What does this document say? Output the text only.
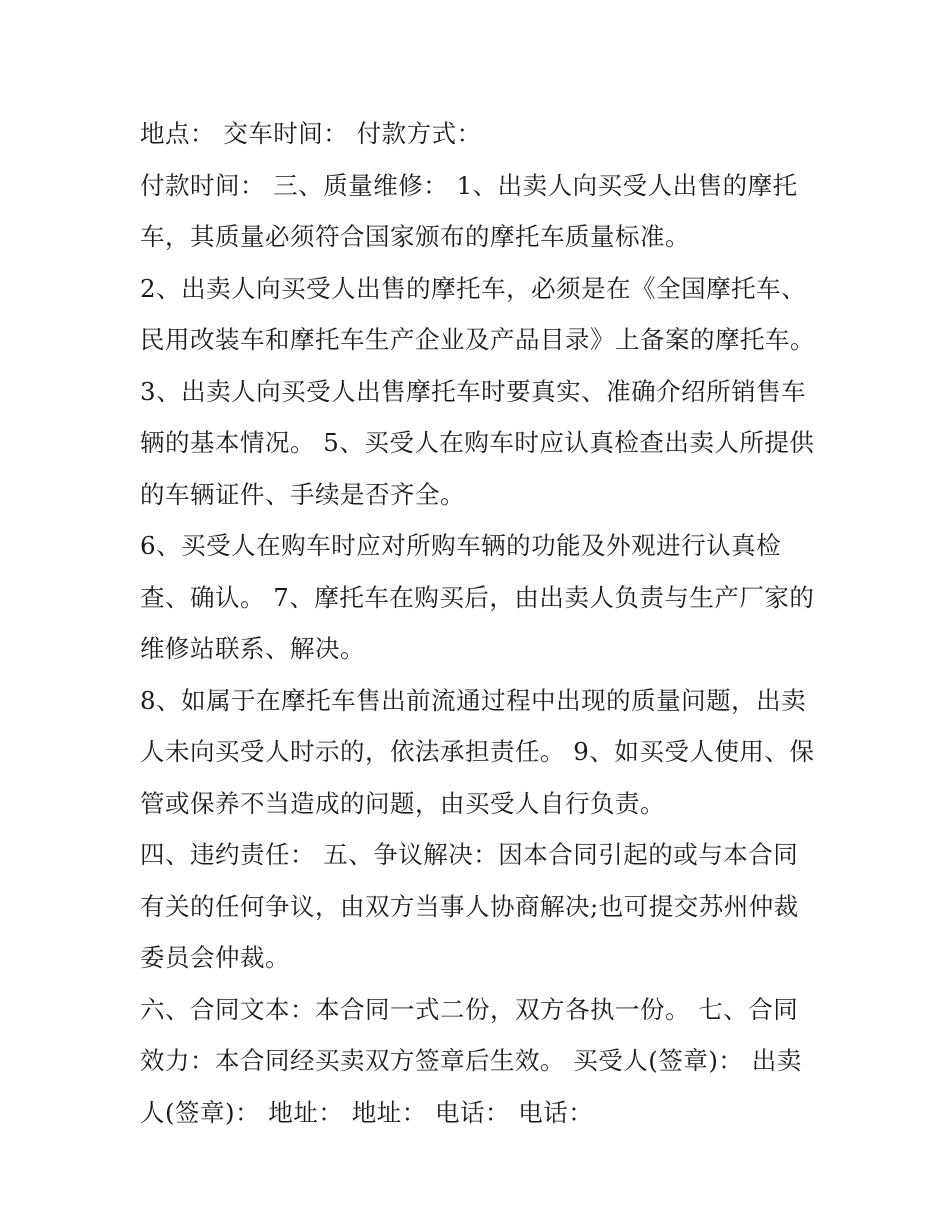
地点： 交车时间： 付款方式：

付款时间： 三、质量维修： 1、出卖人向买受人出售的摩托车，其质量必须符合国家颁布的摩托车质量标准。

2、出卖人向买受人出售的摩托车，必须是在《全国摩托车、民用改装车和摩托车生产企业及产品目录》上备案的摩托车。

3、出卖人向买受人出售摩托车时要真实、准确介绍所销售车辆的基本情况。 5、买受人在购车时应认真检查出卖人所提供的车辆证件、手续是否齐全。

6、买受人在购车时应对所购车辆的功能及外观进行认真检查、确认。 7、摩托车在购买后，由出卖人负责与生产厂家的维修站联系、解决。

8、如属于在摩托车售出前流通过程中出现的质量问题，出卖人未向买受人时示的，依法承担责任。 9、如买受人使用、保管或保养不当造成的问题，由买受人自行负责。

四、违约责任： 五、争议解决：因本合同引起的或与本合同有关的任何争议，由双方当事人协商解决;也可提交苏州仲裁委员会仲裁。

六、合同文本：本合同一式二份，双方各执一份。 七、合同效力：本合同经买卖双方签章后生效。 买受人(签章)： 出卖人(签章)： 地址： 地址： 电话： 电话：
